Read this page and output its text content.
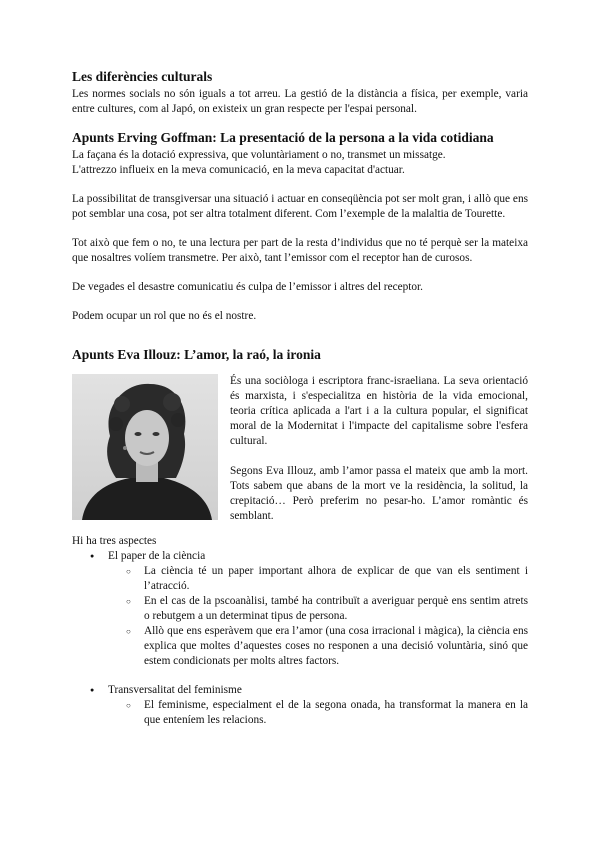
Les diferències culturals

Les normes socials no són iguals a tot arreu. La gestió de la distància a física, per exemple, varia entre cultures, com al Japó, on existeix un gran respecte per l'espai personal.

Apunts Erving Goffman: La presentació de la persona a la vida cotidiana

La façana és la dotació expressiva, que voluntàriament o no, transmet un missatge.

L'attrezzo influeix en la meva comunicació, en la meva capacitat d'actuar.

La possibilitat de transgiversar una situació i actuar en conseqüència pot ser molt gran, i allò que ens pot semblar una cosa, pot ser altra totalment diferent. Com l’exemple de la malaltia de Tourette.

Tot això que fem o no, te una lectura per part de la resta d’individus que no té perquè ser la mateixa que nosaltres volíem transmetre. Per això, tant l’emissor com el receptor han de curosos.

De vegades el desastre comunicatiu és culpa de l’emissor i altres del receptor.

Podem ocupar un rol que no és el nostre.

Apunts Eva Illouz: L’amor, la raó, la ironia

És una sociòloga i escriptora franc-israeliana. La seva orientació és marxista, i s'especialitza en història de la vida emocional, teoria crítica aplicada a l'art i a la cultura popular, el significat moral de la Modernitat i l'impacte del capitalisme sobre l'esfera cultural.

Segons Eva Illouz, amb l’amor passa el mateix que amb la mort. Tots sabem que abans de la mort ve la residència, la solitud, la crepitació… Però preferim no pesar-ho. L’amor romàntic és semblant.

Hi ha tres aspectes

● El paper de la ciència
○ La ciència té un paper important alhora de explicar de que van els sentiment i l’atracció.
○ En el cas de la pscoanàlisi, també ha contribuït a averiguar perquè ens sentim atrets o rebutgem a un determinat tipus de persona.
○ Allò que ens esperàvem que era l’amor (una cosa irracional i màgica), la ciència ens explica que moltes d’aquestes coses no responen a una decisió voluntària, sinó que estem condicionats per molts altres factors.
● Transversalitat del feminisme
○ El feminisme, especialment el de la segona onada, ha transformat la manera en la que enteníem les relacions.
